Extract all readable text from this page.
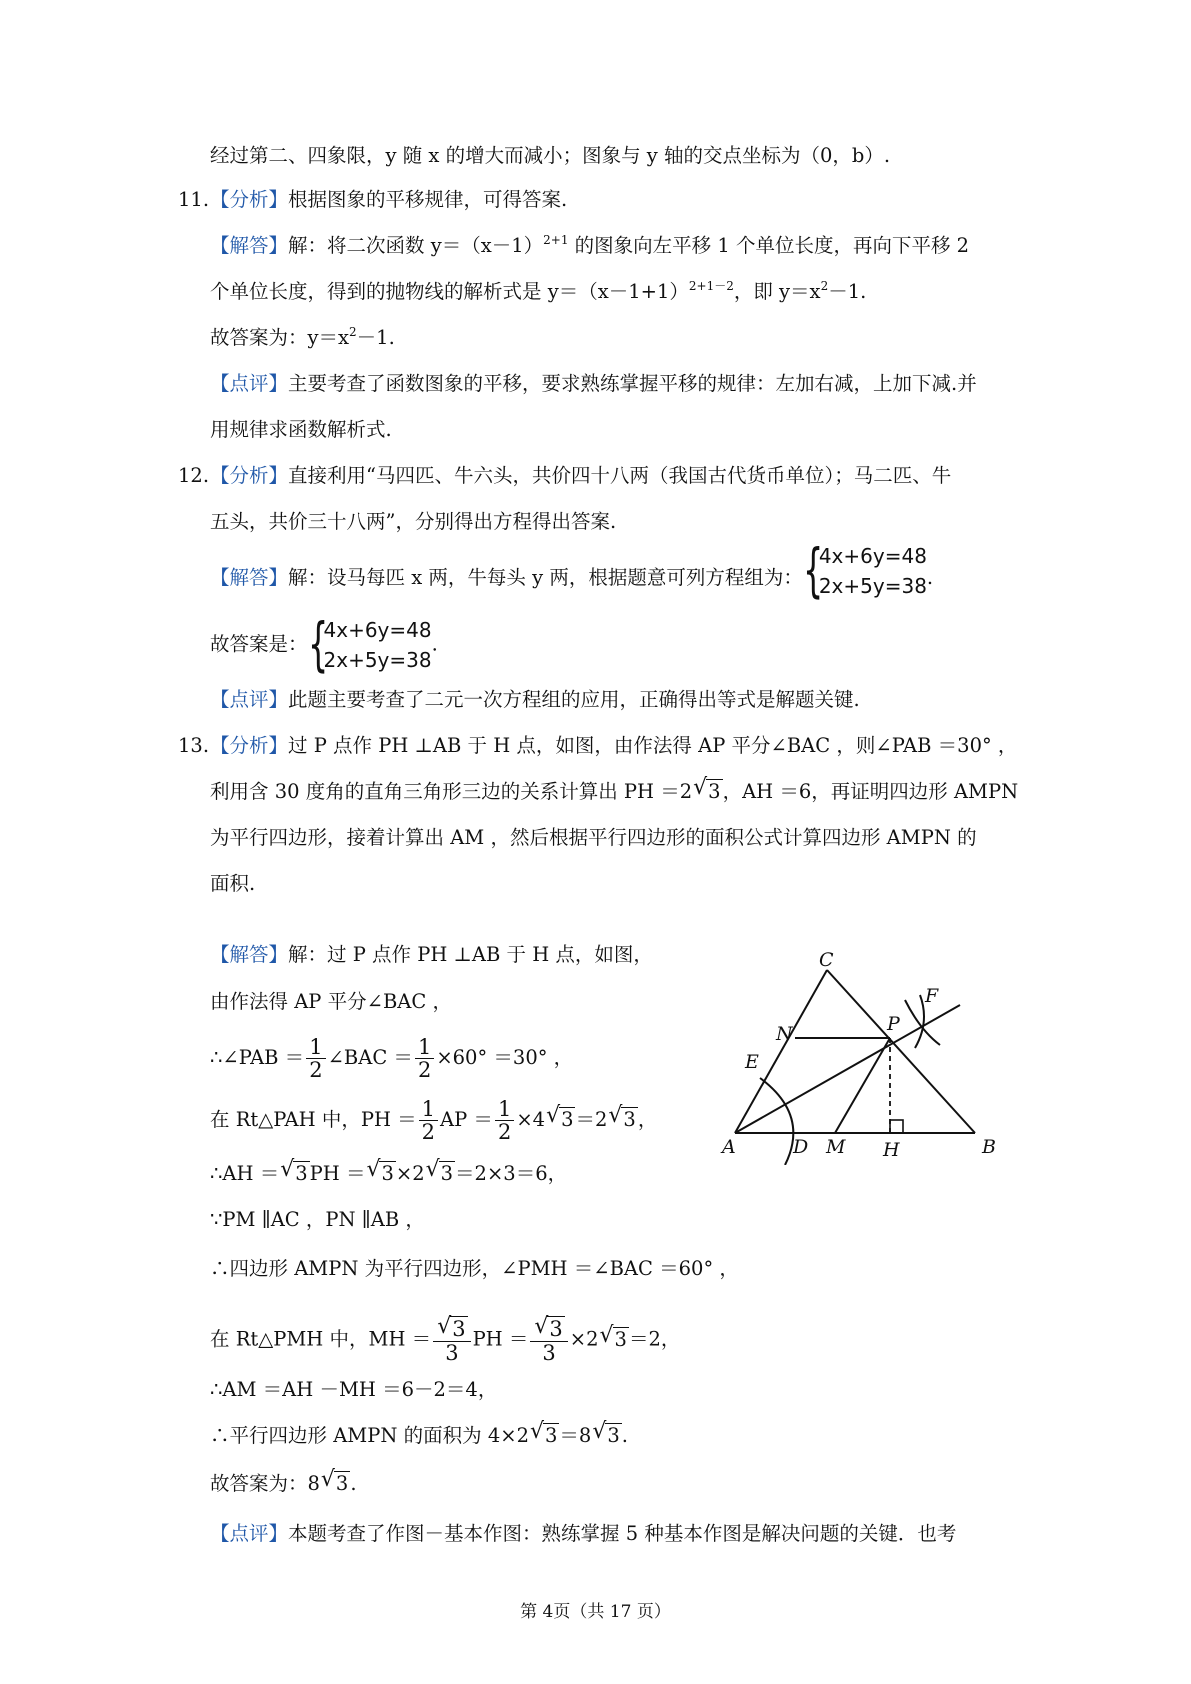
经过第二、四象限，y 随 x 的增大而减小；图象与 y 轴的交点坐标为（0，b）.
11. 【分析】根据图象的平移规律，可得答案.
【解答】解：将二次函数 $y=(x-1)^{2+1}$ 的图象向左平移 1 个单位长度，再向下平移 2
个单位长度，得到的抛物线的解析式是 $y=(x-1+1)^{2+1-2}$，即 $y=x^2-1$.
故答案为：$y=x^2-1$.
【点评】主要考查了函数图象的平移，要求熟练掌握平移的规律：左加右减，上加下减.并
用规律求函数解析式.
12. 【分析】直接利用“马四匹、牛六头，共价四十八两（我国古代货币单位）；马二匹、牛
五头，共价三十八两”，分别得出方程得出答案.
【解答】解：设马每匹 x 两，牛每头 y 两，根据题意可列方程组为： {
4x+6y=48
2x+5y=38 .
故答案是： {
4x+6y=48
2x+5y=38
.
【点评】此题主要考查了二元一次方程组的应用，正确得出等式是解题关键.
13. 【分析】过 P 点作 PH ⊥AB 于 H 点，如图，由作法得 AP 平分∠BAC ，则∠PAB ＝30° ，
利用含 30 度角的直角三角形三边的关系计算出 PH ＝2 √ 3 ，AH ＝6，再证明四边形 AMPN
为平行四边形，接着计算出 AM ，然后根据平行四边形的面积公式计算四边形 AMPN 的
面积.
【解答】解：过 P 点作 PH ⊥AB 于 H 点，如图，
由作法得 AP 平分∠BAC ，
∴∠PAB ＝ $\frac{1}{2}$ ∠BAC ＝ $\frac{1}{2} \times 60^\circ =30^\circ$ ，
在 Rt△PAH 中，PH ＝ $\frac{1}{2}$ AP ＝ $\frac{1}{2} \times 4$ √ 3 ＝2 √ 3 ，
∴AH ＝ √ 3 PH ＝ √ 3 ×2 √ 3 ＝2×3＝6，
∵PM ∥AC ，PN ∥AB ，
∴四边形 AMPN 为平行四边形，∠PMH ＝∠BAC ＝60° ，
在 Rt△PMH 中，MH ＝ $\frac{√ 3}{3}$ PH ＝ $\frac{√ 3}{3} \times 2$ √ 3 ＝2，
∴AM ＝AH －MH ＝6－2＝4，
∴平行四边形 AMPN 的面积为 4×2 √ 3 ＝8 √ 3 .
故答案为：8 √ 3 .
【点评】本题考查了作图－基本作图：熟练掌握 5 种基本作图是解决问题的关键．也考
A	B
C
N	P
F
E
D M H
第 4页（共 17 页）
